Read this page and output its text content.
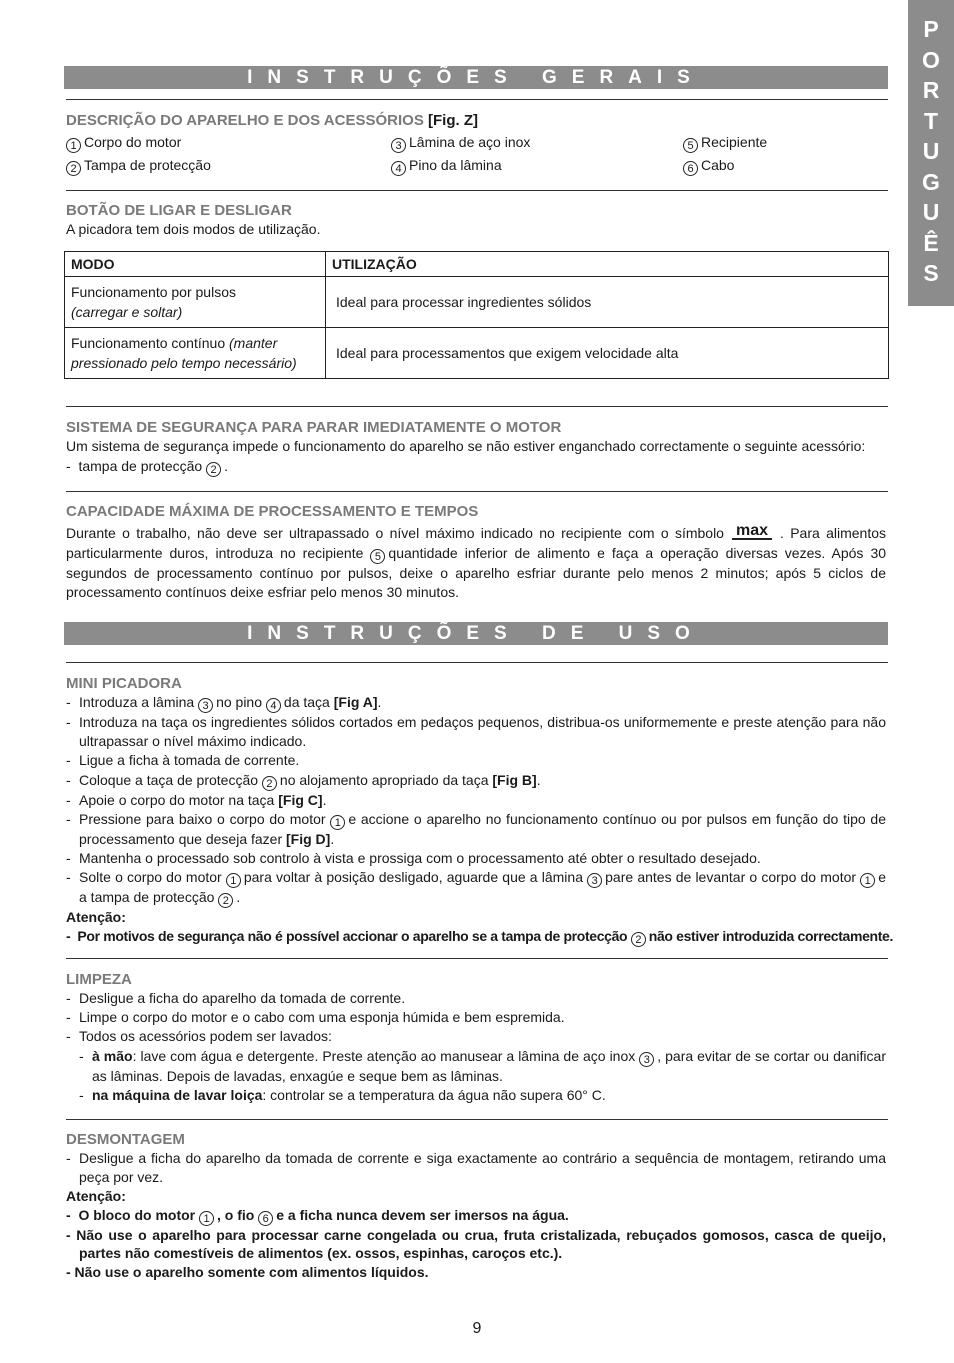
P
O
R
T
U
G
U
Ê
S
INSTRUÇÕES GERAIS
DESCRIÇÃO DO APARELHO E DOS ACESSÓRIOS [Fig. Z]
1 Corpo do motor
2 Tampa de protecção
3 Lâmina de aço inox
4 Pino da lâmina
5 Recipiente
6 Cabo
BOTÃO DE LIGAR E DESLIGAR
A picadora tem dois modos de utilização.
MODO	UTILIZAÇÃO
Funcionamento por pulsos
(carregar e soltar)	Ideal para processar ingredientes sólidos
Funcionamento contínuo (manter
pressionado pelo tempo necessário)	Ideal para processamentos que exigem velocidade alta
SISTEMA DE SEGURANÇA PARA PARAR IMEDIATAMENTE O MOTOR
Um sistema de segurança impede o funcionamento do aparelho se não estiver enganchado correctamente o seguinte acessório:
-  tampa de protecção 2 .
CAPACIDADE MÁXIMA DE PROCESSAMENTO E TEMPOS
Durante o trabalho, não deve ser ultrapassado o nível máximo indicado no recipiente com o símbolo max . Para alimentos particularmente duros, introduza no recipiente 5 quantidade inferior de alimento e faça a operação diversas vezes. Após 30 segundos de processamento contínuo por pulsos, deixe o aparelho esfriar durante pelo menos 2 minutos; após 5 ciclos de processamento contínuos deixe esfriar pelo menos 30 minutos.
INSTRUÇÕES DE USO
MINI PICADORA
- Introduza a lâmina 3 no pino 4 da taça [Fig A].
- Introduza na taça os ingredientes sólidos cortados em pedaços pequenos, distribua-os uniformemente e preste atenção para não ultrapassar o nível máximo indicado.
- Ligue a ficha à tomada de corrente.
- Coloque a taça de protecção 2 no alojamento apropriado da taça [Fig B].
- Apoie o corpo do motor na taça [Fig C].
- Pressione para baixo o corpo do motor 1 e accione o aparelho no funcionamento contínuo ou por pulsos em função do tipo de processamento que deseja fazer [Fig D].
- Mantenha o processado sob controlo à vista e prossiga com o processamento até obter o resultado desejado.
- Solte o corpo do motor 1 para voltar à posição desligado, aguarde que a lâmina 3 pare antes de levantar o corpo do motor 1 e a tampa de protecção 2 .
Atenção:
-  Por motivos de segurança não é possível accionar o aparelho se a tampa de protecção 2 não estiver introduzida correctamente.
LIMPEZA
- Desligue a ficha do aparelho da tomada de corrente.
- Limpe o corpo do motor e o cabo com uma esponja húmida e bem espremida.
- Todos os acessórios podem ser lavados:
- à mão: lave com água e detergente. Preste atenção ao manusear a lâmina de aço inox 3 , para evitar de se cortar ou danificar as lâminas. Depois de lavadas, enxagúe e seque bem as lâminas.
- na máquina de lavar loiça: controlar se a temperatura da água não supera 60° C.
DESMONTAGEM
- Desligue a ficha do aparelho da tomada de corrente e siga exactamente ao contrário a sequência de montagem, retirando uma peça por vez.
Atenção:
-  O bloco do motor 1 , o fio 6 e a ficha nunca devem ser imersos na água.
- Não use o aparelho para processar carne congelada ou crua, fruta cristalizada, rebuçados gomosos, casca de queijo, partes não comestíveis de alimentos (ex. ossos, espinhas, caroços etc.).
- Não use o aparelho somente com alimentos líquidos.
9
